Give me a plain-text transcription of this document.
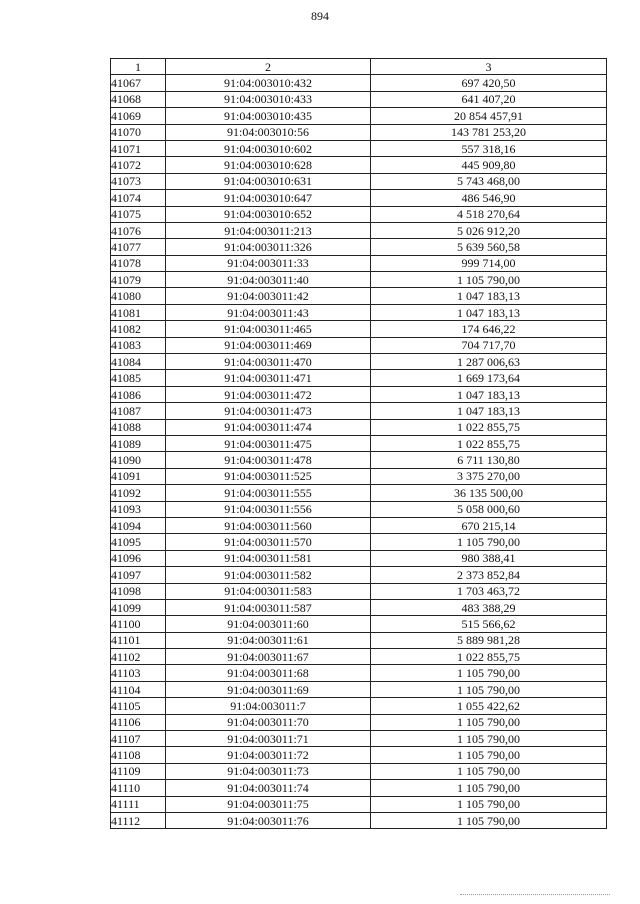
894
1	2	3
41067	91:04:003010:432	697 420,50
41068	91:04:003010:433	641 407,20
41069	91:04:003010:435	20 854 457,91
41070	91:04:003010:56	143 781 253,20
41071	91:04:003010:602	557 318,16
41072	91:04:003010:628	445 909,80
41073	91:04:003010:631	5 743 468,00
41074	91:04:003010:647	486 546,90
41075	91:04:003010:652	4 518 270,64
41076	91:04:003011:213	5 026 912,20
41077	91:04:003011:326	5 639 560,58
41078	91:04:003011:33	999 714,00
41079	91:04:003011:40	1 105 790,00
41080	91:04:003011:42	1 047 183,13
41081	91:04:003011:43	1 047 183,13
41082	91:04:003011:465	174 646,22
41083	91:04:003011:469	704 717,70
41084	91:04:003011:470	1 287 006,63
41085	91:04:003011:471	1 669 173,64
41086	91:04:003011:472	1 047 183,13
41087	91:04:003011:473	1 047 183,13
41088	91:04:003011:474	1 022 855,75
41089	91:04:003011:475	1 022 855,75
41090	91:04:003011:478	6 711 130,80
41091	91:04:003011:525	3 375 270,00
41092	91:04:003011:555	36 135 500,00
41093	91:04:003011:556	5 058 000,60
41094	91:04:003011:560	670 215,14
41095	91:04:003011:570	1 105 790,00
41096	91:04:003011:581	980 388,41
41097	91:04:003011:582	2 373 852,84
41098	91:04:003011:583	1 703 463,72
41099	91:04:003011:587	483 388,29
41100	91:04:003011:60	515 566,62
41101	91:04:003011:61	5 889 981,28
41102	91:04:003011:67	1 022 855,75
41103	91:04:003011:68	1 105 790,00
41104	91:04:003011:69	1 105 790,00
41105	91:04:003011:7	1 055 422,62
41106	91:04:003011:70	1 105 790,00
41107	91:04:003011:71	1 105 790,00
41108	91:04:003011:72	1 105 790,00
41109	91:04:003011:73	1 105 790,00
41110	91:04:003011:74	1 105 790,00
41111	91:04:003011:75	1 105 790,00
41112	91:04:003011:76	1 105 790,00
